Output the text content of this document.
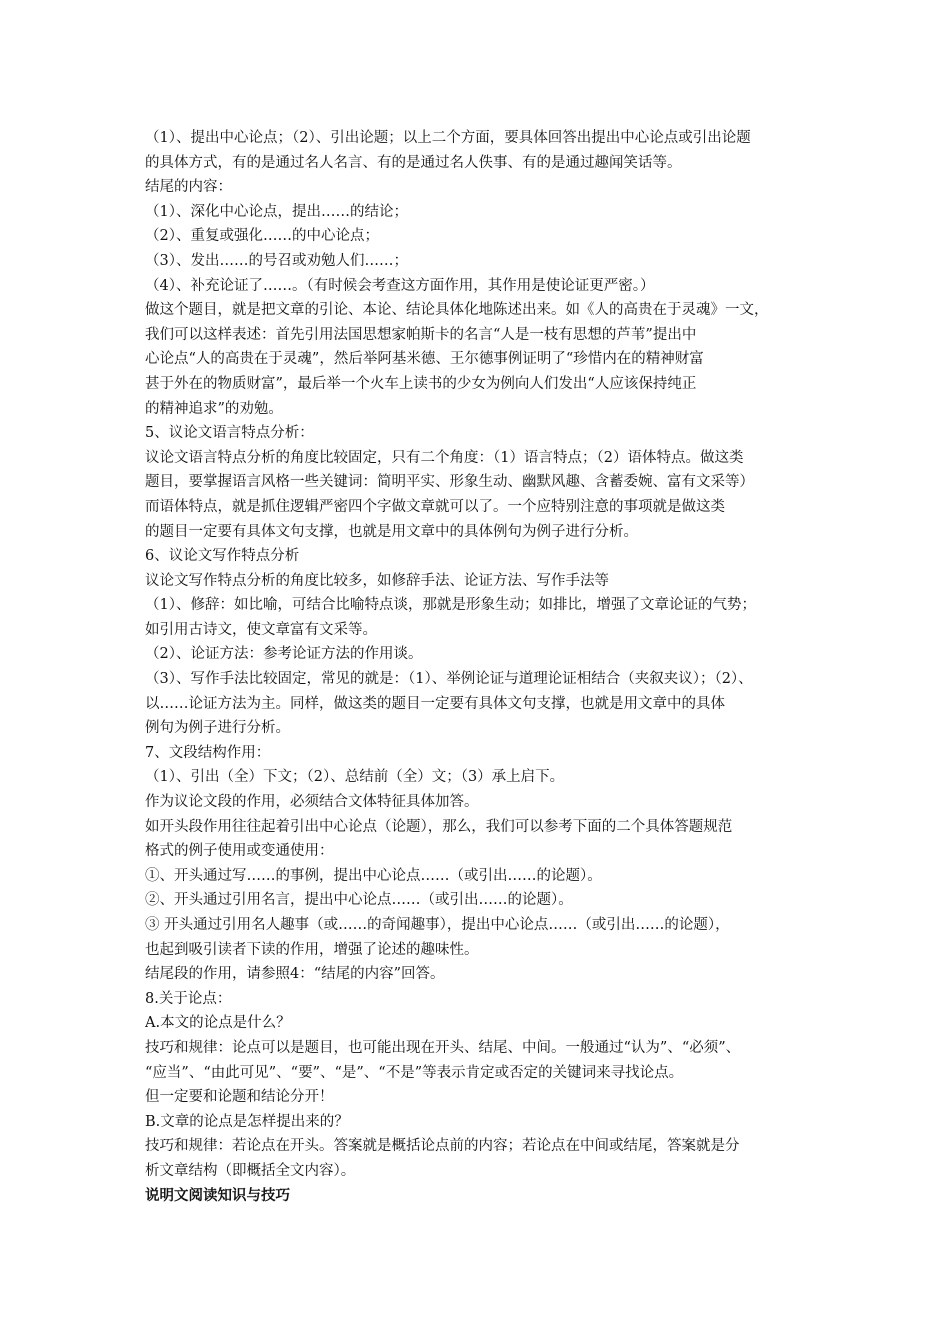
（1）、提出中心论点；（2）、引出论题；以上二个方面，要具体回答出提出中心论点或引出论题
的具体方式，有的是通过名人名言、有的是通过名人佚事、有的是通过趣闻笑话等。
结尾的内容：
（1）、深化中心论点，提出……的结论；
（2）、重复或强化……的中心论点；
（3）、发出……的号召或劝勉人们……；
（4）、补充论证了……。（有时候会考查这方面作用，其作用是使论证更严密。）
做这个题目，就是把文章的引论、本论、结论具体化地陈述出来。如《人的高贵在于灵魂》一文，
我们可以这样表述：首先引用法国思想家帕斯卡的名言“人是一枝有思想的芦苇”提出中
心论点“人的高贵在于灵魂”，然后举阿基米德、王尔德事例证明了“珍惜内在的精神财富
甚于外在的物质财富”，最后举一个火车上读书的少女为例向人们发出“人应该保持纯正
的精神追求”的劝勉。
5、议论文语言特点分析：
议论文语言特点分析的角度比较固定，只有二个角度：（1）语言特点；（2）语体特点。做这类
题目，要掌握语言风格一些关键词：简明平实、形象生动、幽默风趣、含蓄委婉、富有文采等）
而语体特点，就是抓住逻辑严密四个字做文章就可以了。一个应特别注意的事项就是做这类
的题目一定要有具体文句支撑，也就是用文章中的具体例句为例子进行分析。
6、议论文写作特点分析
议论文写作特点分析的角度比较多，如修辞手法、论证方法、写作手法等
（1）、修辞：如比喻，可结合比喻特点谈，那就是形象生动；如排比，增强了文章论证的气势；
如引用古诗文，使文章富有文采等。
（2）、论证方法：参考论证方法的作用谈。
（3）、写作手法比较固定，常见的就是：（1）、举例论证与道理论证相结合（夹叙夹议）；（2）、
以……论证方法为主。同样，做这类的题目一定要有具体文句支撑，也就是用文章中的具体
例句为例子进行分析。
7、文段结构作用：
（1）、引出（全）下文；（2）、总结前（全）文；（3）承上启下。
作为议论文段的作用，必须结合文体特征具体加答。
如开头段作用往往起着引出中心论点（论题），那么，我们可以参考下面的二个具体答题规范
格式的例子使用或变通使用：
①、开头通过写……的事例，提出中心论点……（或引出……的论题）。
②、开头通过引用名言，提出中心论点……（或引出……的论题）。
③ 开头通过引用名人趣事（或……的奇闻趣事），提出中心论点……（或引出……的论题），
也起到吸引读者下读的作用，增强了论述的趣味性。
结尾段的作用，请参照4：“结尾的内容”回答。
8.关于论点：
A.本文的论点是什么？
技巧和规律：论点可以是题目，也可能出现在开头、结尾、中间。一般通过“认为”、“必须”、
“应当”、“由此可见”、“要”、“是”、“不是”等表示肯定或否定的关键词来寻找论点。
但一定要和论题和结论分开！
B.文章的论点是怎样提出来的？
技巧和规律：若论点在开头。答案就是概括论点前的内容；若论点在中间或结尾，答案就是分
析文章结构（即概括全文内容）。
说明文阅读知识与技巧
